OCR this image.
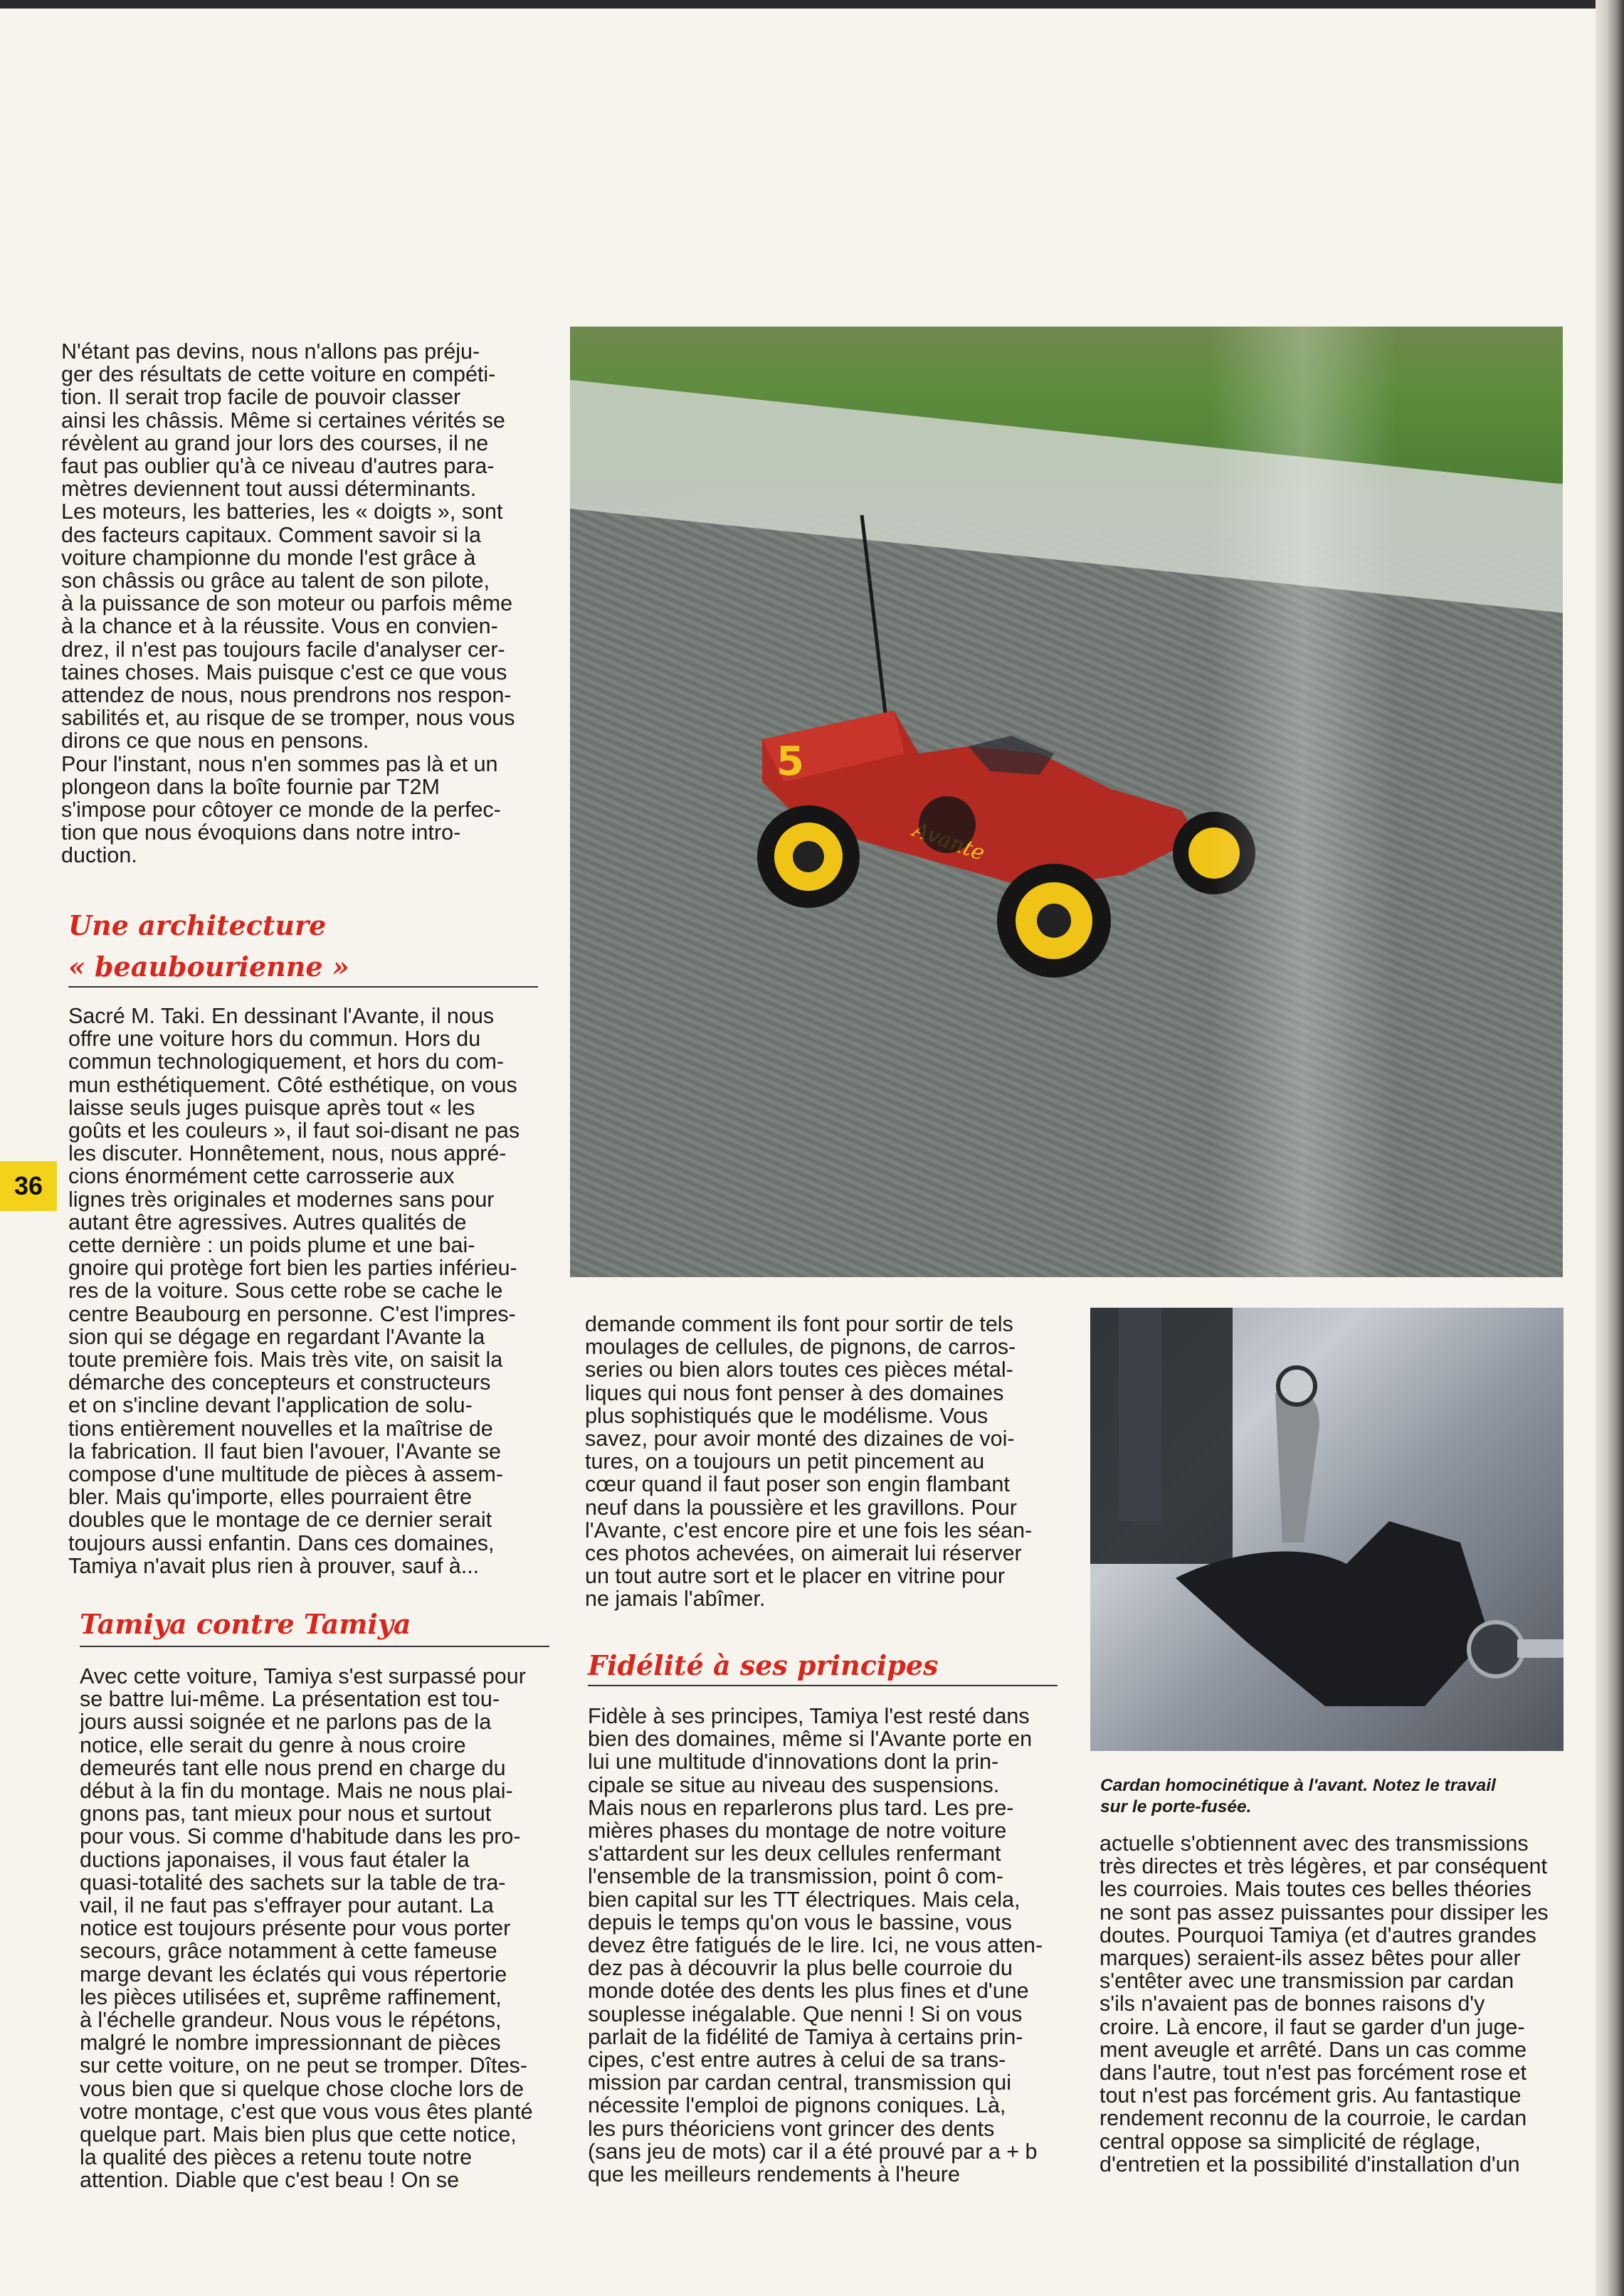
N'étant pas devins, nous n'allons pas préju-
ger des résultats de cette voiture en compéti-
tion. Il serait trop facile de pouvoir classer
ainsi les châssis. Même si certaines vérités se
révèlent au grand jour lors des courses, il ne
faut pas oublier qu'à ce niveau d'autres para-
mètres deviennent tout aussi déterminants.
Les moteurs, les batteries, les « doigts », sont
des facteurs capitaux. Comment savoir si la
voiture championne du monde l'est grâce à
son châssis ou grâce au talent de son pilote,
à la puissance de son moteur ou parfois même
à la chance et à la réussite. Vous en convien-
drez, il n'est pas toujours facile d'analyser cer-
taines choses. Mais puisque c'est ce que vous
attendez de nous, nous prendrons nos respon-
sabilités et, au risque de se tromper, nous vous
dirons ce que nous en pensons.
Pour l'instant, nous n'en sommes pas là et un
plongeon dans la boîte fournie par T2M
s'impose pour côtoyer ce monde de la perfec-
tion que nous évoquions dans notre intro-
duction.

Une architecture
« beaubourienne »

Sacré M. Taki. En dessinant l'Avante, il nous
offre une voiture hors du commun. Hors du
commun technologiquement, et hors du com-
mun esthétiquement. Côté esthétique, on vous
laisse seuls juges puisque après tout « les
goûts et les couleurs », il faut soi-disant ne pas
les discuter. Honnêtement, nous, nous appré-
cions énormément cette carrosserie aux
lignes très originales et modernes sans pour
autant être agressives. Autres qualités de
cette dernière : un poids plume et une bai-
gnoire qui protège fort bien les parties inférieu-
res de la voiture. Sous cette robe se cache le
centre Beaubourg en personne. C'est l'impres-
sion qui se dégage en regardant l'Avante la
toute première fois. Mais très vite, on saisit la
démarche des concepteurs et constructeurs
et on s'incline devant l'application de solu-
tions entièrement nouvelles et la maîtrise de
la fabrication. Il faut bien l'avouer, l'Avante se
compose d'une multitude de pièces à assem-
bler. Mais qu'importe, elles pourraient être
doubles que le montage de ce dernier serait
toujours aussi enfantin. Dans ces domaines,
Tamiya n'avait plus rien à prouver, sauf à...

36
Tamiya contre Tamiya

Avec cette voiture, Tamiya s'est surpassé pour
se battre lui-même. La présentation est tou-
jours aussi soignée et ne parlons pas de la
notice, elle serait du genre à nous croire
demeurés tant elle nous prend en charge du
début à la fin du montage. Mais ne nous plai-
gnons pas, tant mieux pour nous et surtout
pour vous. Si comme d'habitude dans les pro-
ductions japonaises, il vous faut étaler la
quasi-totalité des sachets sur la table de tra-
vail, il ne faut pas s'effrayer pour autant. La
notice est toujours présente pour vous porter
secours, grâce notamment à cette fameuse
marge devant les éclatés qui vous répertorie
les pièces utilisées et, suprême raffinement,
à l'échelle grandeur. Nous vous le répétons,
malgré le nombre impressionnant de pièces
sur cette voiture, on ne peut se tromper. Dîtes-
vous bien que si quelque chose cloche lors de
votre montage, c'est que vous vous êtes planté
quelque part. Mais bien plus que cette notice,
la qualité des pièces a retenu toute notre
attention. Diable que c'est beau ! On se

5

demande comment ils font pour sortir de tels
moulages de cellules, de pignons, de carros-
series ou bien alors toutes ces pièces métal-
liques qui nous font penser à des domaines
plus sophistiqués que le modélisme. Vous
savez, pour avoir monté des dizaines de voi-
tures, on a toujours un petit pincement au
cœur quand il faut poser son engin flambant
neuf dans la poussière et les gravillons. Pour
l'Avante, c'est encore pire et une fois les séan-
ces photos achevées, on aimerait lui réserver
un tout autre sort et le placer en vitrine pour
ne jamais l'abîmer.

Fidélité à ses principes

Fidèle à ses principes, Tamiya l'est resté dans
bien des domaines, même si l'Avante porte en
lui une multitude d'innovations dont la prin-
cipale se situe au niveau des suspensions.
Mais nous en reparlerons plus tard. Les pre-
mières phases du montage de notre voiture
s'attardent sur les deux cellules renfermant
l'ensemble de la transmission, point ô com-
bien capital sur les TT électriques. Mais cela,
depuis le temps qu'on vous le bassine, vous
devez être fatigués de le lire. Ici, ne vous atten-
dez pas à découvrir la plus belle courroie du
monde dotée des dents les plus fines et d'une
souplesse inégalable. Que nenni ! Si on vous
parlait de la fidélité de Tamiya à certains prin-
cipes, c'est entre autres à celui de sa trans-
mission par cardan central, transmission qui
nécessite l'emploi de pignons coniques. Là,
les purs théoriciens vont grincer des dents
(sans jeu de mots) car il a été prouvé par a + b
que les meilleurs rendements à l'heure

Cardan homocinétique à l'avant. Notez le travail
sur le porte-fusée.

actuelle s'obtiennent avec des transmissions
très directes et très légères, et par conséquent
les courroies. Mais toutes ces belles théories
ne sont pas assez puissantes pour dissiper les
doutes. Pourquoi Tamiya (et d'autres grandes
marques) seraient-ils assez bêtes pour aller
s'entêter avec une transmission par cardan
s'ils n'avaient pas de bonnes raisons d'y
croire. Là encore, il faut se garder d'un juge-
ment aveugle et arrêté. Dans un cas comme
dans l'autre, tout n'est pas forcément rose et
tout n'est pas forcément gris. Au fantastique
rendement reconnu de la courroie, le cardan
central oppose sa simplicité de réglage,
d'entretien et la possibilité d'installation d'un
